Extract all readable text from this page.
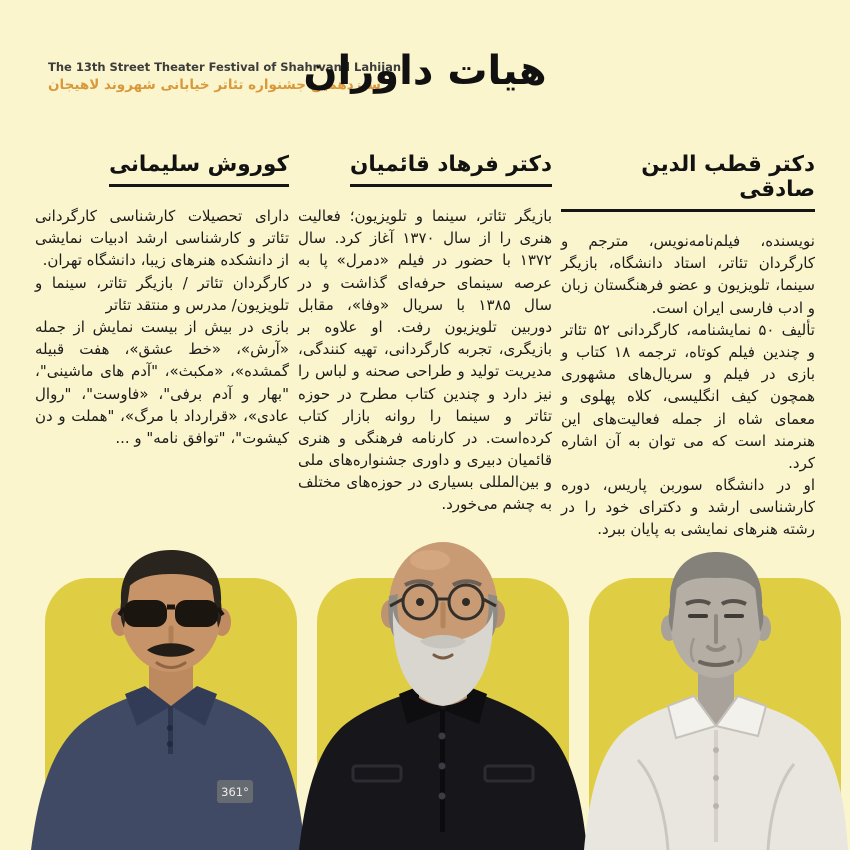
The 13th Street Theater Festival of Shahrvand Lahijan
سیزدهمین جشنواره تئاتر خیابانی شهروند لاهیجان
هیات داوران
دکتر قطب الدین صادقی

نویسنده، فیلم‌نامه‌نویس، مترجم و کارگردان تئاتر، استاد دانشگاه، بازیگر سینما، تلویزیون و عضو فرهنگستان زبان و ادب فارسی ایران است.

تألیف ۵۰ نمایشنامه، کارگردانی ۵۲ تئاتر و چندین فیلم کوتاه، ترجمه ۱۸ کتاب و بازی در فیلم و سریال‌های مشهوری همچون کیف انگلیسی، کلاه پهلوی و معمای شاه از جمله فعالیت‌های این هنرمند است که می توان به آن اشاره کرد.

او در دانشگاه سوربن پاریس، دوره کارشناسی ارشد و دکترای خود را در رشته هنرهای نمایشی به پایان ببرد.

دکتر فرهاد قائمیان

بازیگر تئاتر، سینما و تلویزیون؛ فعالیت هنری را از سال ۱۳۷۰ آغاز کرد. سال ۱۳۷۲ با حضور در فیلم «دمرل» پا به عرصه سینمای حرفه‌ای گذاشت و در سال ۱۳۸۵ با سریال «وفا»، مقابل دوربین تلویزیون رفت. او علاوه بر بازیگری، تجربه کارگردانی، تهیه کنندگی، مدیریت تولید و طراحی صحنه و لباس را نیز دارد و چندین کتاب مطرح در حوزه تئاتر و سینما را روانه بازار کتاب کرده‌است. در کارنامه فرهنگی و هنری قائمیان دبیری و داوری جشنواره‌های ملی و بین‌المللی بسیاری در حوزه‌های مختلف به چشم می‌خورد.

کوروش سلیمانی

دارای تحصیلات کارشناسی کارگردانی تئاتر و کارشناسی ارشد ادبیات نمایشی از دانشکده هنرهای زیبا، دانشگاه تهران.

کارگردان تئاتر / بازیگر تئاتر، سینما و تلویزیون/ مدرس و منتقد تئاتر

بازی در بیش از بیست نمایش از جمله «آرش»، «خط عشق»، هفت قبیله گمشده»، «مکبث»، "آدم های ماشینی"، "بهار و آدم برفی"، «فاوست"، "روال عادی»، «قرارداد با مرگ»، "هملت و دن کیشوت"، "توافق نامه" و ...

361°
